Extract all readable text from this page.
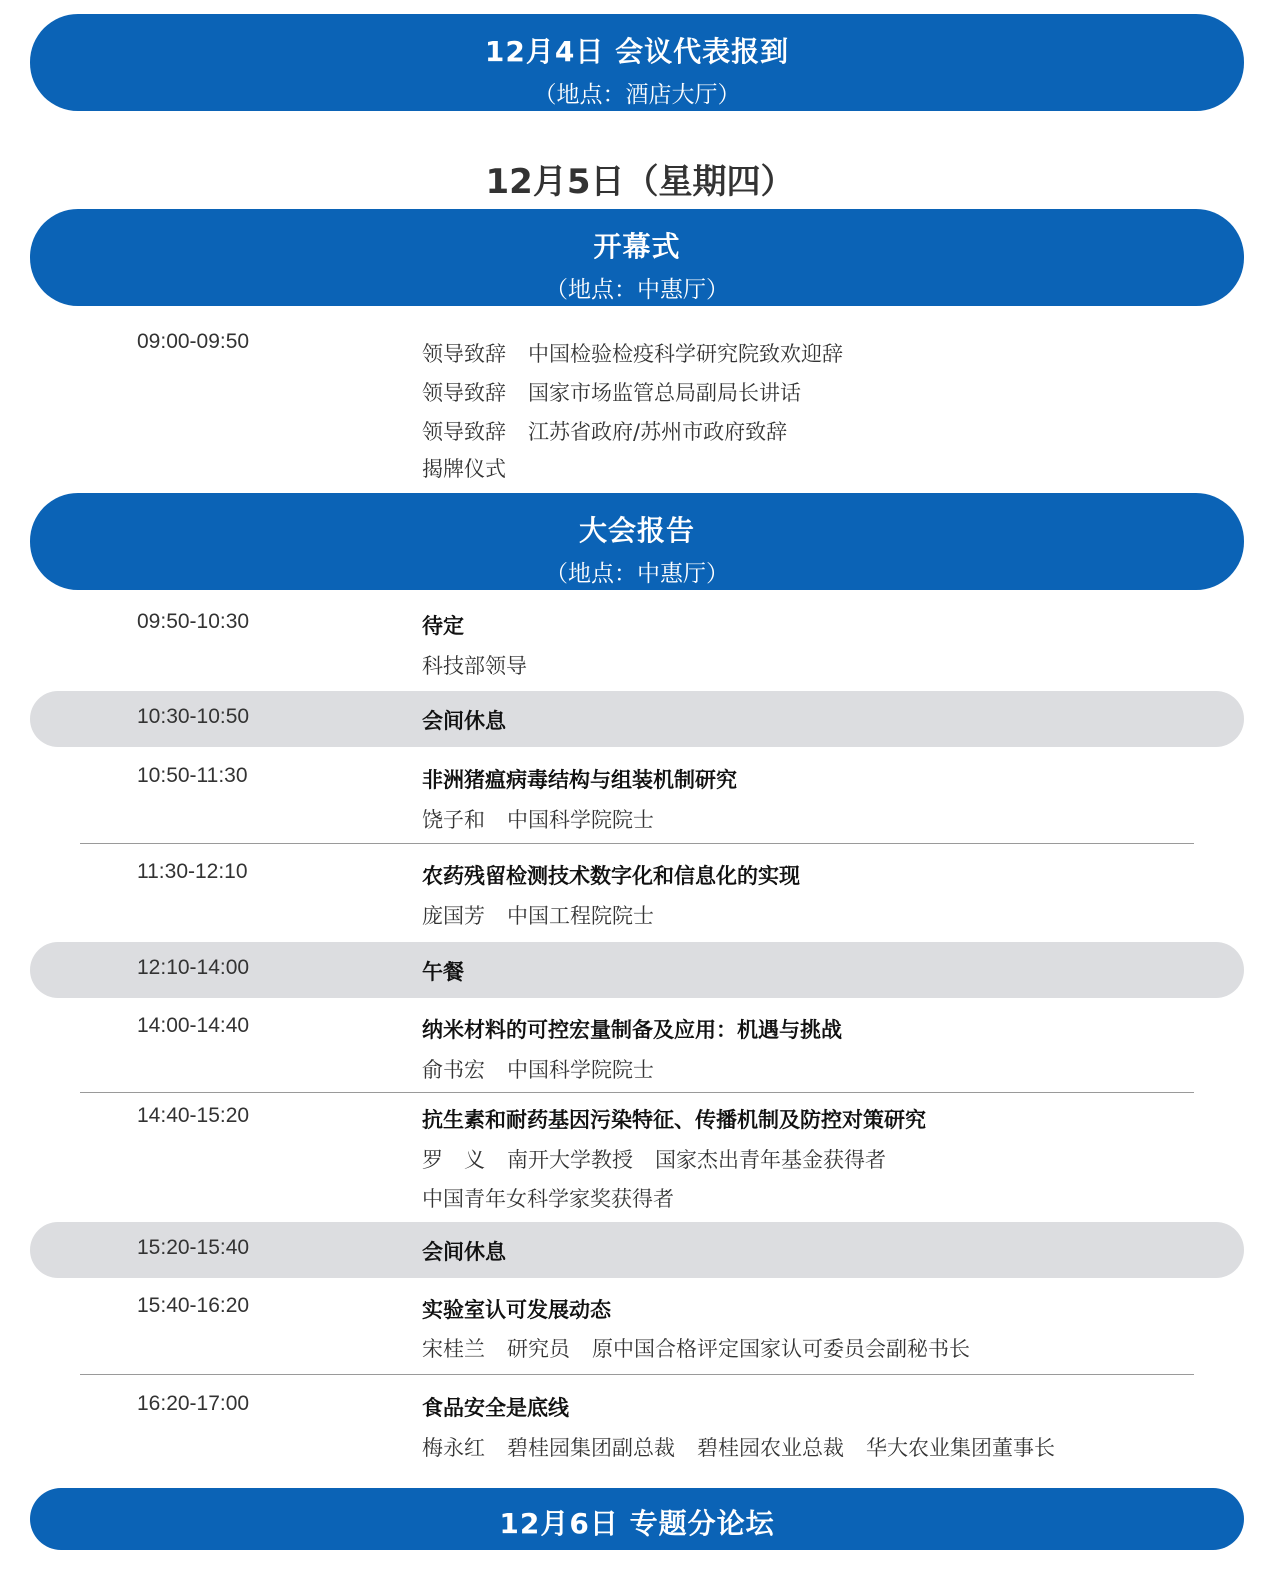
12月4日 会议代表报到
（地点：酒店大厅）
12月5日（星期四）
开幕式
（地点：中惠厅）
09:00-09:50
领导致辞 中国检验检疫科学研究院致欢迎辞
领导致辞 国家市场监管总局副局长讲话
领导致辞 江苏省政府/苏州市政府致辞
揭牌仪式
大会报告
（地点：中惠厅）
09:50-10:30	待定
科技部领导
10:30-10:50	会间休息
10:50-11:30	非洲猪瘟病毒结构与组装机制研究
饶子和 中国科学院院士
11:30-12:10	农药残留检测技术数字化和信息化的实现
庞国芳 中国工程院院士
12:10-14:00	午餐
14:00-14:40	纳米材料的可控宏量制备及应用：机遇与挑战
俞书宏 中国科学院院士
14:40-15:20	抗生素和耐药基因污染特征、传播机制及防控对策研究
罗　义 南开大学教授 国家杰出青年基金获得者
中国青年女科学家奖获得者
15:20-15:40	会间休息
15:40-16:20	实验室认可发展动态
宋桂兰 研究员 原中国合格评定国家认可委员会副秘书长
16:20-17:00	食品安全是底线
梅永红 碧桂园集团副总裁 碧桂园农业总裁 华大农业集团董事长
12月6日 专题分论坛
